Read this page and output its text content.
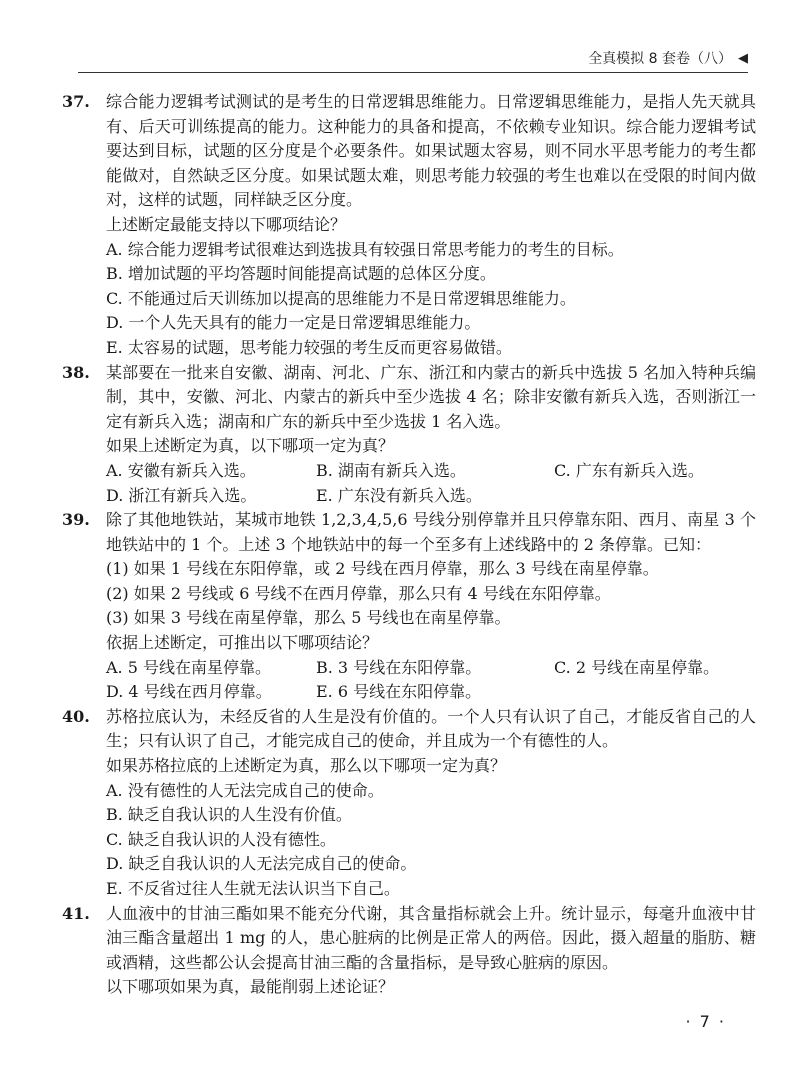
全真模拟 8 套卷（八） ◀
37. 综合能力逻辑考试测试的是考生的日常逻辑思维能力。日常逻辑思维能力，是指人先天就具有、后天可训练提高的能力。这种能力的具备和提高，不依赖专业知识。综合能力逻辑考试要达到目标，试题的区分度是个必要条件。如果试题太容易，则不同水平思考能力的考生都能做对，自然缺乏区分度。如果试题太难，则思考能力较强的考生也难以在受限的时间内做对，这样的试题，同样缺乏区分度。
上述断定最能支持以下哪项结论？
A. 综合能力逻辑考试很难达到选拔具有较强日常思考能力的考生的目标。
B. 增加试题的平均答题时间能提高试题的总体区分度。
C. 不能通过后天训练加以提高的思维能力不是日常逻辑思维能力。
D. 一个人先天具有的能力一定是日常逻辑思维能力。
E. 太容易的试题，思考能力较强的考生反而更容易做错。
38. 某部要在一批来自安徽、湖南、河北、广东、浙江和内蒙古的新兵中选拔 5 名加入特种兵编制，其中，安徽、河北、内蒙古的新兵中至少选拔 4 名；除非安徽有新兵入选，否则浙江一定有新兵入选；湖南和广东的新兵中至少选拔 1 名入选。
如果上述断定为真，以下哪项一定为真？
A. 安徽有新兵入选。	B. 湖南有新兵入选。	C. 广东有新兵入选。
D. 浙江有新兵入选。	E. 广东没有新兵入选。
39. 除了其他地铁站，某城市地铁 1,2,3,4,5,6 号线分别停靠并且只停靠东阳、西月、南星 3 个地铁站中的 1 个。上述 3 个地铁站中的每一个至多有上述线路中的 2 条停靠。已知：
(1) 如果 1 号线在东阳停靠，或 2 号线在西月停靠，那么 3 号线在南星停靠。
(2) 如果 2 号线或 6 号线不在西月停靠，那么只有 4 号线在东阳停靠。
(3) 如果 3 号线在南星停靠，那么 5 号线也在南星停靠。
依据上述断定，可推出以下哪项结论？
A. 5 号线在南星停靠。	B. 3 号线在东阳停靠。	C. 2 号线在南星停靠。
D. 4 号线在西月停靠。	E. 6 号线在东阳停靠。
40. 苏格拉底认为，未经反省的人生是没有价值的。一个人只有认识了自己，才能反省自己的人生；只有认识了自己，才能完成自己的使命，并且成为一个有德性的人。
如果苏格拉底的上述断定为真，那么以下哪项一定为真？
A. 没有德性的人无法完成自己的使命。
B. 缺乏自我认识的人生没有价值。
C. 缺乏自我认识的人没有德性。
D. 缺乏自我认识的人无法完成自己的使命。
E. 不反省过往人生就无法认识当下自己。
41. 人血液中的甘油三酯如果不能充分代谢，其含量指标就会上升。统计显示，每毫升血液中甘油三酯含量超出 1 mg 的人，患心脏病的比例是正常人的两倍。因此，摄入超量的脂肪、糖或酒精，这些都公认会提高甘油三酯的含量指标，是导致心脏病的原因。
以下哪项如果为真，最能削弱上述论证？
· 7 ·
